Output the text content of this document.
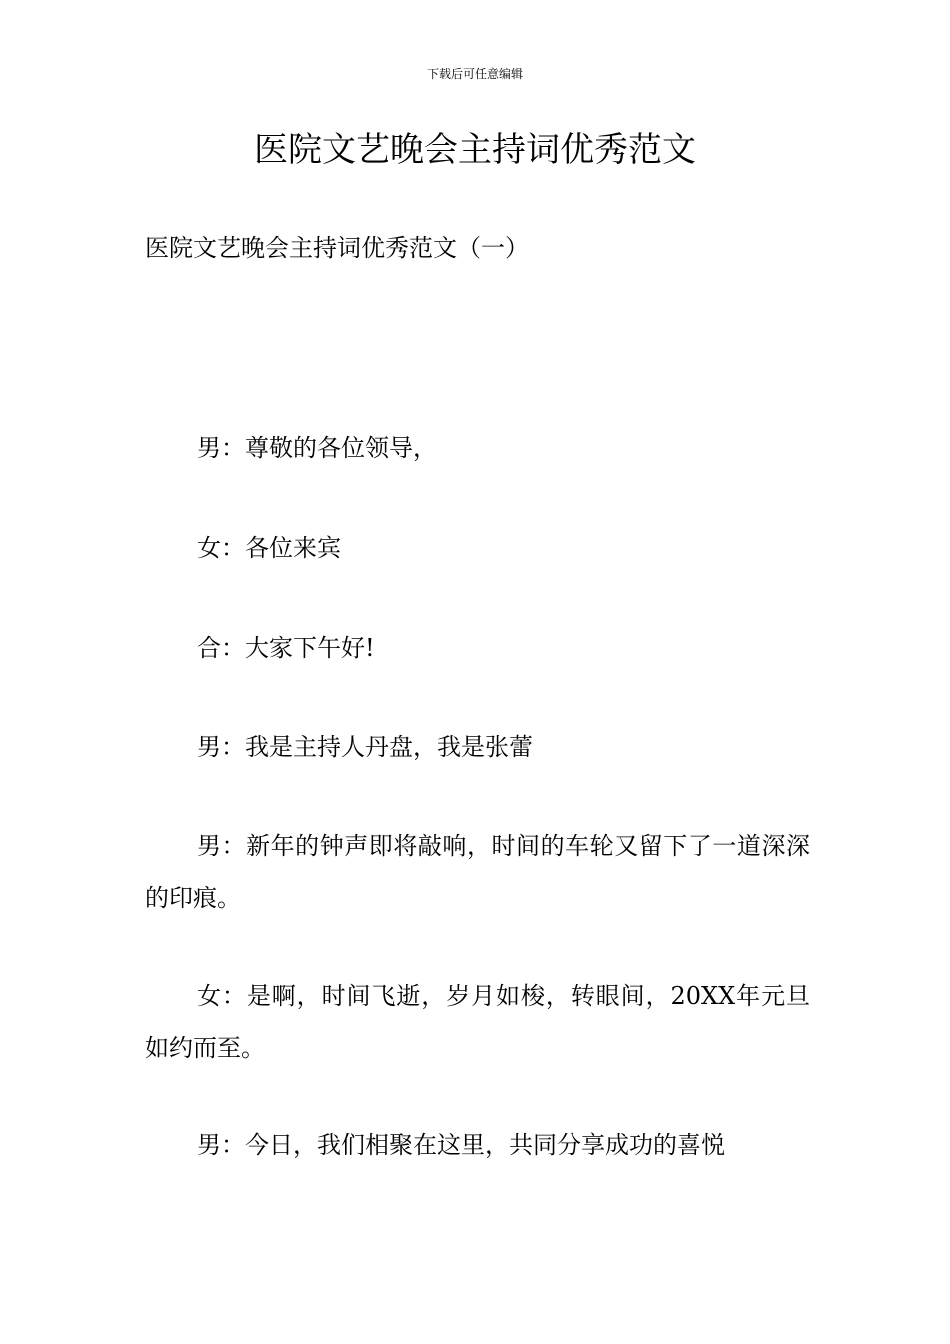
下载后可任意编辑
医院文艺晚会主持词优秀范文

医院文艺晚会主持词优秀范文（一）

男：尊敬的各位领导，

女：各位来宾

合：大家下午好!

男：我是主持人丹盘，我是张蕾

男：新年的钟声即将敲响，时间的车轮又留下了一道深深的印痕。

女：是啊，时间飞逝，岁月如梭，转眼间，20XX年元旦如约而至。

男：今日，我们相聚在这里，共同分享成功的喜悦
